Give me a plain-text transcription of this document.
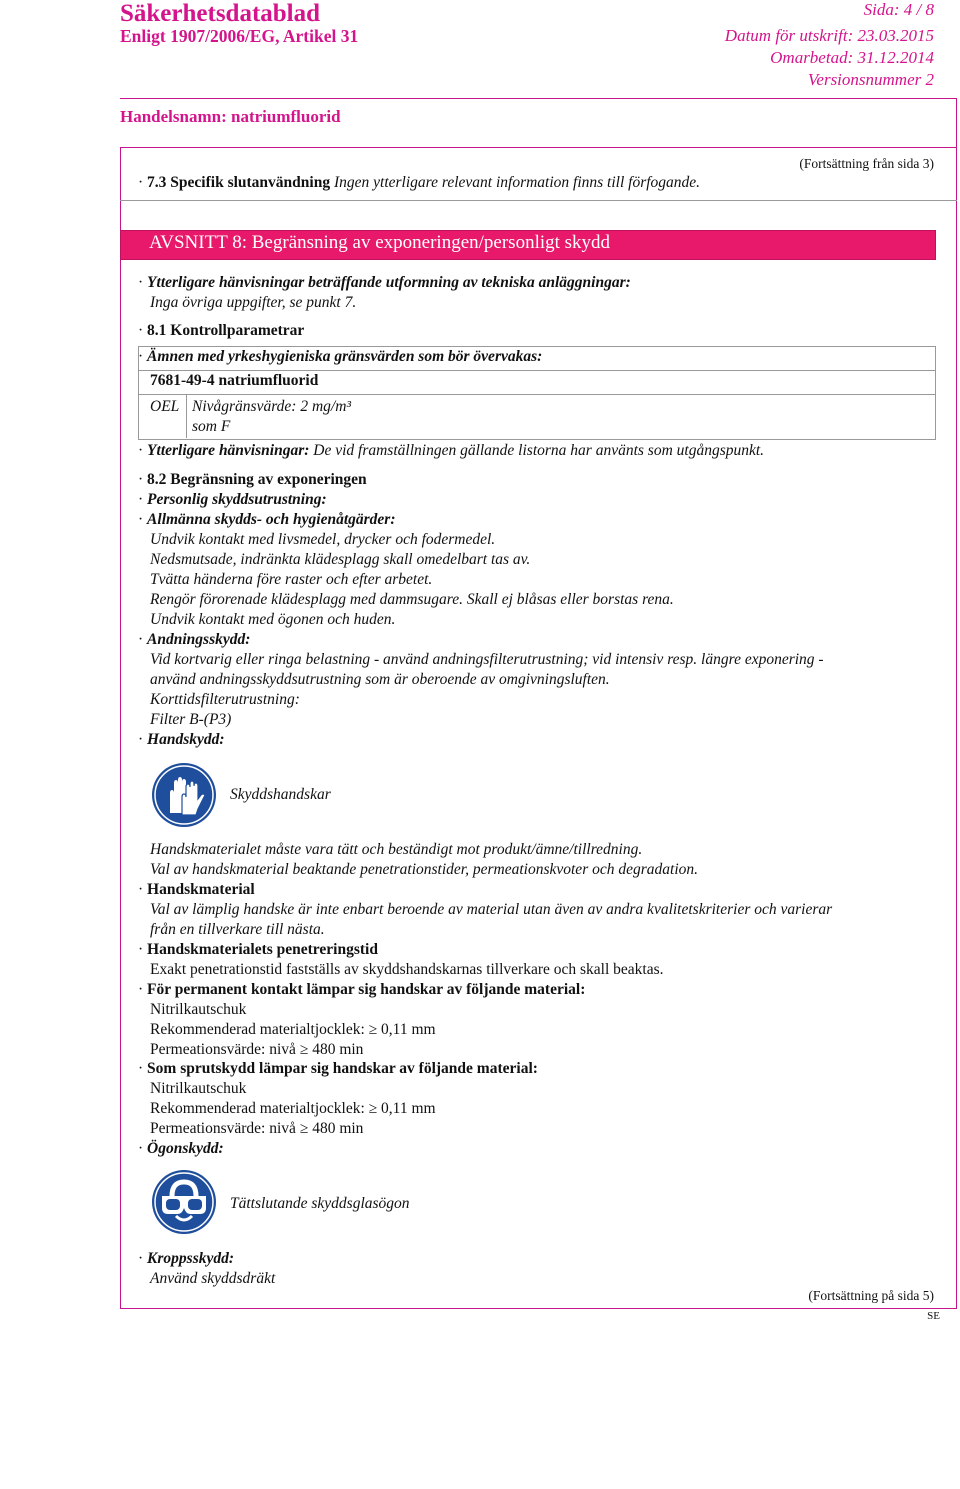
Säkerhetsdatablad
Enligt 1907/2006/EG, Artikel 31
Sida: 4 / 8
Datum för utskrift: 23.03.2015
Omarbetad: 31.12.2014
Versionsnummer 2
Handelsnamn: natriumfluorid
(Fortsättning från sida 3)
· 7.3 Specifik slutanvändning Ingen ytterligare relevant information finns till förfogande.
AVSNITT 8: Begränsning av exponeringen/personligt skydd
· Ytterligare hänvisningar beträffande utformning av tekniska anläggningar:
Inga övriga uppgifter, se punkt 7.
· 8.1 Kontrollparametrar
· Ämnen med yrkeshygieniska gränsvärden som bör övervakas:
7681-49-4 natriumfluorid
OEL Nivågränsvärde: 2 mg/m³
som F
· Ytterligare hänvisningar: De vid framställningen gällande listorna har använts som utgångspunkt.
· 8.2 Begränsning av exponeringen
· Personlig skyddsutrustning:
· Allmänna skydds- och hygienåtgärder:
Undvik kontakt med livsmedel, drycker och fodermedel.
Nedsmutsade, indränkta klädesplagg skall omedelbart tas av.
Tvätta händerna före raster och efter arbetet.
Rengör förorenade klädesplagg med dammsugare. Skall ej blåsas eller borstas rena.
Undvik kontakt med ögonen och huden.
· Andningsskydd:
Vid kortvarig eller ringa belastning - använd andningsfilterutrustning; vid intensiv resp. längre exponering -
använd andningsskyddsutrustning som är oberoende av omgivningsluften.
Korttidsfilterutrustning:
Filter B-(P3)
· Handskydd:
Skyddshandskar
Handskmaterialet måste vara tätt och beständigt mot produkt/ämne/tillredning.
Val av handskmaterial beaktande penetrationstider, permeationskvoter och degradation.
· Handskmaterial
Val av lämplig handske är inte enbart beroende av material utan även av andra kvalitetskriterier och varierar
från en tillverkare till nästa.
· Handskmaterialets penetreringstid
Exakt penetrationstid fastställs av skyddshandskarnas tillverkare och skall beaktas.
· För permanent kontakt lämpar sig handskar av följande material:
Nitrilkautschuk
Rekommenderad materialtjocklek: ≥ 0,11 mm
Permeationsvärde: nivå ≥ 480 min
· Som sprutskydd lämpar sig handskar av följande material:
Nitrilkautschuk
Rekommenderad materialtjocklek: ≥ 0,11 mm
Permeationsvärde: nivå ≥ 480 min
· Ögonskydd:
Tättslutande skyddsglasögon
· Kroppsskydd:
Använd skyddsdräkt
(Fortsättning på sida 5)
SE
